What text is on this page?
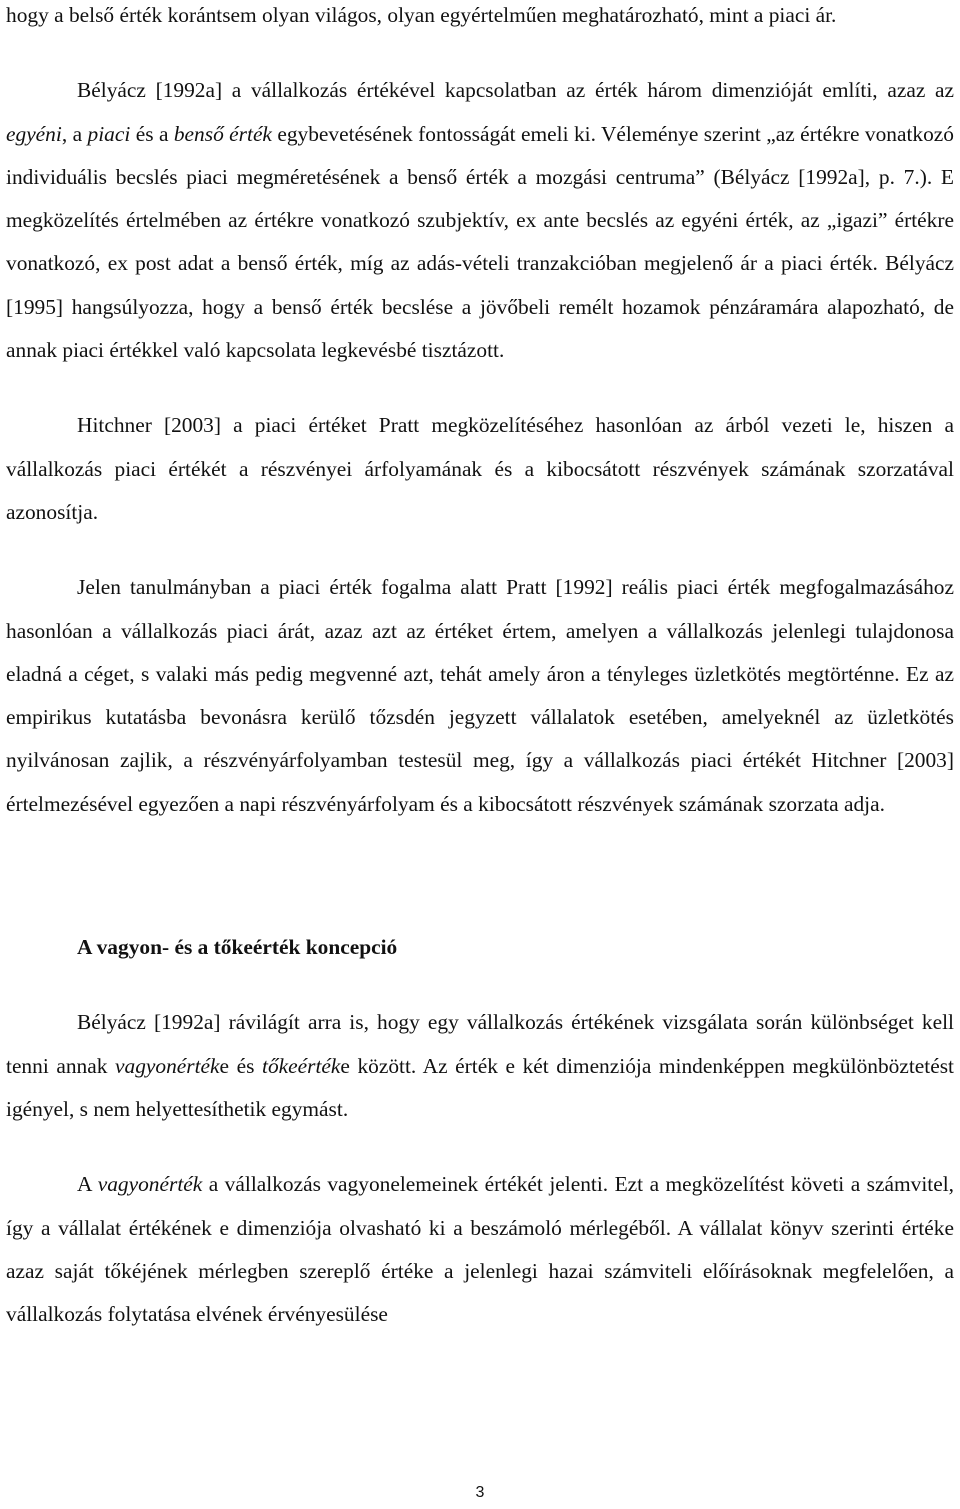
hogy a belső érték korántsem olyan világos, olyan egyértelműen meghatározható, mint a piaci ár.

Bélyácz [1992a] a vállalkozás értékével kapcsolatban az érték három dimenzióját említi, azaz az egyéni, a piaci és a benső érték egybevetésének fontosságát emeli ki. Véleménye szerint „az értékre vonatkozó individuális becslés piaci megméretésének a benső érték a mozgási centruma” (Bélyácz [1992a], p. 7.). E megközelítés értelmében az értékre vonatkozó szubjektív, ex ante becslés az egyéni érték, az „igazi” értékre vonatkozó, ex post adat a benső érték, míg az adás-vételi tranzakcióban megjelenő ár a piaci érték. Bélyácz [1995] hangsúlyozza, hogy a benső érték becslése a jövőbeli remélt hozamok pénzáramára alapozható, de annak piaci értékkel való kapcsolata legkevésbé tisztázott.

Hitchner [2003] a piaci értéket Pratt megközelítéséhez hasonlóan az árból vezeti le, hiszen a vállalkozás piaci értékét a részvényei árfolyamának és a kibocsátott részvények számának szorzatával azonosítja.

Jelen tanulmányban a piaci érték fogalma alatt Pratt [1992] reális piaci érték megfogalmazásához hasonlóan a vállalkozás piaci árát, azaz azt az értéket értem, amelyen a vállalkozás jelenlegi tulajdonosa eladná a céget, s valaki más pedig megvenné azt, tehát amely áron a tényleges üzletkötés megtörténne. Ez az empirikus kutatásba bevonásra kerülő tőzsdén jegyzett vállalatok esetében, amelyeknél az üzletkötés nyilvánosan zajlik, a részvényárfolyamban testesül meg, így a vállalkozás piaci értékét Hitchner [2003] értelmezésével egyezően a napi részvényárfolyam és a kibocsátott részvények számának szorzata adja.

A vagyon- és a tőkeérték koncepció

Bélyácz [1992a] rávilágít arra is, hogy egy vállalkozás értékének vizsgálata során különbséget kell tenni annak vagyonértéke és tőkeértéke között. Az érték e két dimenziója mindenképpen megkülönböztetést igényel, s nem helyettesíthetik egymást.

A vagyonérték a vállalkozás vagyonelemeinek értékét jelenti. Ezt a megközelítést követi a számvitel, így a vállalat értékének e dimenziója olvasható ki a beszámoló mérlegéből. A vállalat könyv szerinti értéke azaz saját tőkéjének mérlegben szereplő értéke a jelenlegi hazai számviteli előírásoknak megfelelően, a vállalkozás folytatása elvének érvényesülése

3
